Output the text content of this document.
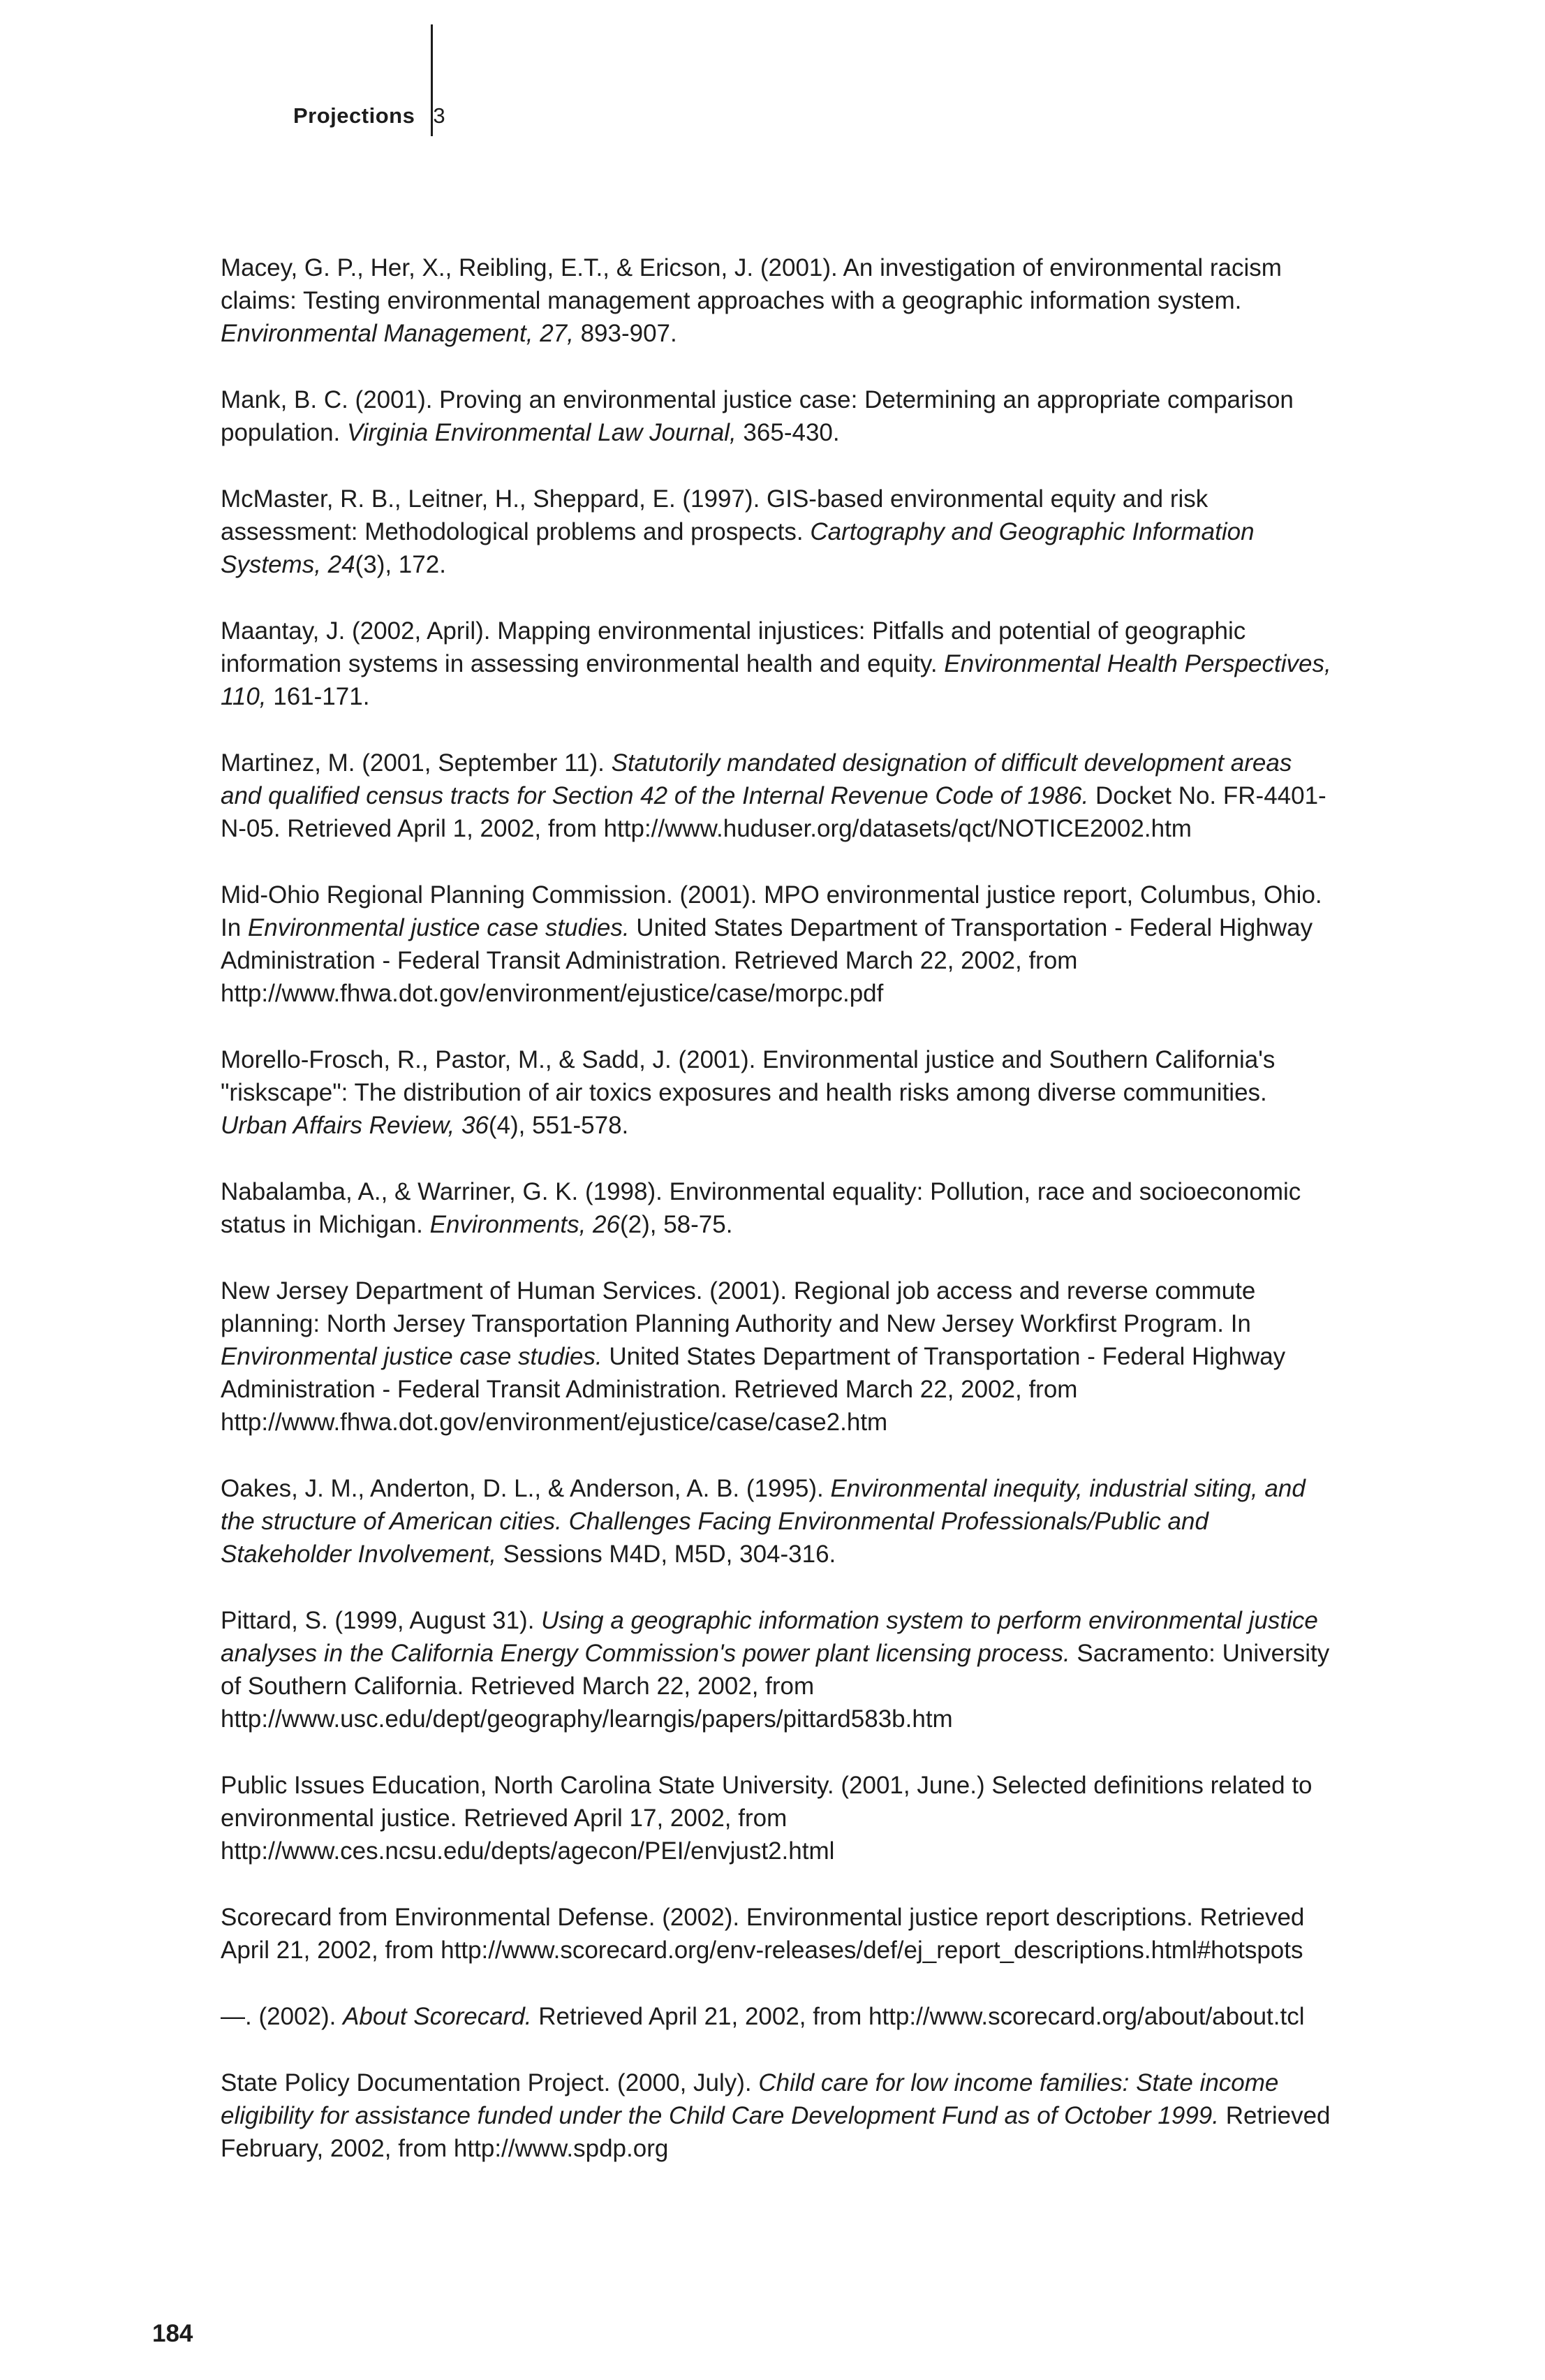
Projections 3
Macey, G. P., Her, X., Reibling, E.T., & Ericson, J. (2001). An investigation of environmental racism claims: Testing environmental management approaches with a geographic information system. Environmental Management, 27, 893-907.
Mank, B. C. (2001). Proving an environmental justice case: Determining an appropriate comparison population. Virginia Environmental Law Journal, 365-430.
McMaster, R. B., Leitner, H., Sheppard, E. (1997). GIS-based environmental equity and risk assessment: Methodological problems and prospects. Cartography and Geographic Information Systems, 24(3), 172.
Maantay, J. (2002, April). Mapping environmental injustices: Pitfalls and potential of geographic information systems in assessing environmental health and equity. Environmental Health Perspectives, 110, 161-171.
Martinez, M. (2001, September 11). Statutorily mandated designation of difficult development areas and qualified census tracts for Section 42 of the Internal Revenue Code of 1986. Docket No. FR-4401-N-05. Retrieved April 1, 2002, from http://www.huduser.org/datasets/qct/NOTICE2002.htm
Mid-Ohio Regional Planning Commission. (2001). MPO environmental justice report, Columbus, Ohio. In Environmental justice case studies. United States Department of Transportation - Federal Highway Administration - Federal Transit Administration. Retrieved March 22, 2002, from http://www.fhwa.dot.gov/environment/ejustice/case/morpc.pdf
Morello-Frosch, R., Pastor, M., & Sadd, J. (2001). Environmental justice and Southern California's "riskscape": The distribution of air toxics exposures and health risks among diverse communities. Urban Affairs Review, 36(4), 551-578.
Nabalamba, A., & Warriner, G. K. (1998). Environmental equality: Pollution, race and socioeconomic status in Michigan. Environments, 26(2), 58-75.
New Jersey Department of Human Services. (2001). Regional job access and reverse commute planning: North Jersey Transportation Planning Authority and New Jersey Workfirst Program. In Environmental justice case studies. United States Department of Transportation - Federal Highway Administration - Federal Transit Administration. Retrieved March 22, 2002, from http://www.fhwa.dot.gov/environment/ejustice/case/case2.htm
Oakes, J. M., Anderton, D. L., & Anderson, A. B. (1995). Environmental inequity, industrial siting, and the structure of American cities. Challenges Facing Environmental Professionals/Public and Stakeholder Involvement, Sessions M4D, M5D, 304-316.
Pittard, S. (1999, August 31). Using a geographic information system to perform environmental justice analyses in the California Energy Commission's power plant licensing process. Sacramento: University of Southern California. Retrieved March 22, 2002, from http://www.usc.edu/dept/geography/learngis/papers/pittard583b.htm
Public Issues Education, North Carolina State University. (2001, June.) Selected definitions related to environmental justice. Retrieved April 17, 2002, from http://www.ces.ncsu.edu/depts/agecon/PEI/envjust2.html
Scorecard from Environmental Defense. (2002). Environmental justice report descriptions. Retrieved April 21, 2002, from http://www.scorecard.org/env-releases/def/ej_report_descriptions.html#hotspots
—. (2002). About Scorecard. Retrieved April 21, 2002, from http://www.scorecard.org/about/about.tcl
State Policy Documentation Project. (2000, July). Child care for low income families: State income eligibility for assistance funded under the Child Care Development Fund as of October 1999. Retrieved February, 2002, from http://www.spdp.org
184
